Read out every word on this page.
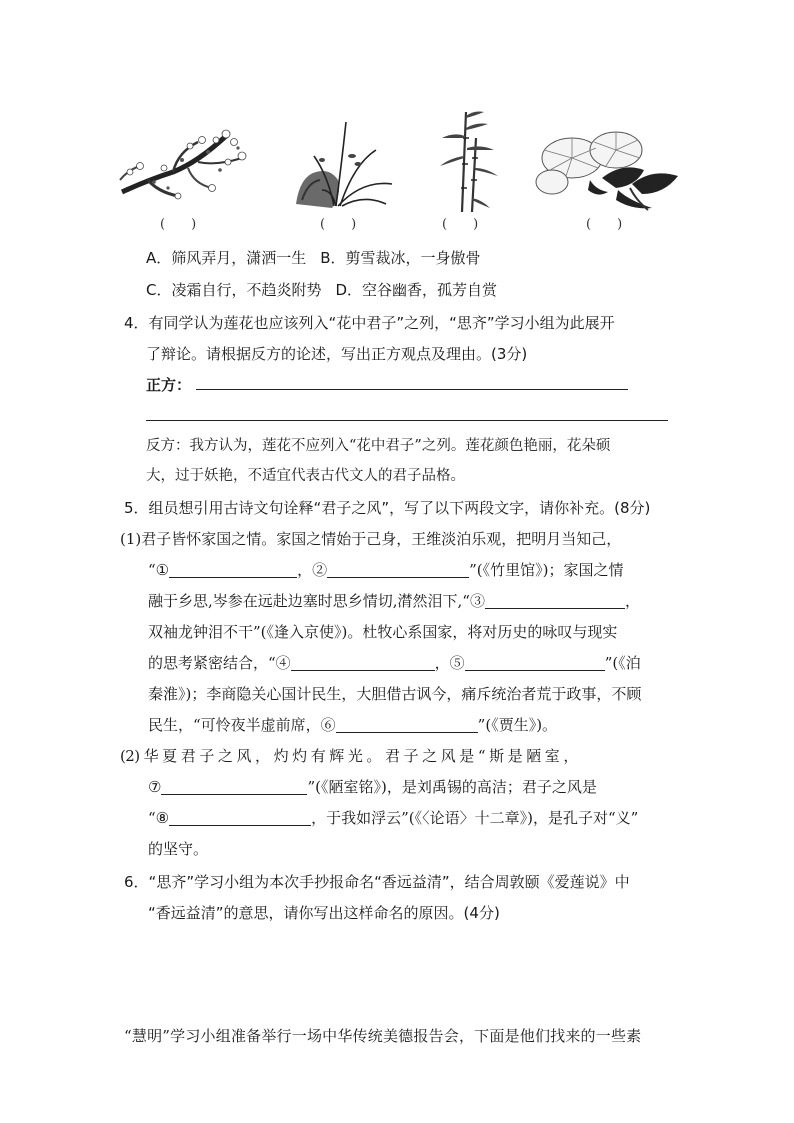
(　　)	(　　)	(　　)	(　　)
A．筛风弄月，潇洒一生 B．剪雪裁冰，一身傲骨
C．凌霜自行，不趋炎附势 D．空谷幽香，孤芳自赏
4．有同学认为莲花也应该列入“花中君子”之列，“思齐”学习小组为此展开
了辩论。请根据反方的论述，写出正方观点及理由。(3分)
正方：
反方：我方认为，莲花不应列入“花中君子”之列。莲花颜色艳丽，花朵硕
大，过于妖艳，不适宜代表古代文人的君子品格。
5．组员想引用古诗文句诠释“君子之风”，写了以下两段文字，请你补充。(8分)
(1)君子皆怀家国之情。家国之情始于己身，王维淡泊乐观，把明月当知己，
“①	，②	”(《竹里馆》)；家国之情
融于乡思,岑参在远赴边塞时思乡情切,潸然泪下,“③	，
双袖龙钟泪不干”(《逢入京使》)。杜牧心系国家，将对历史的咏叹与现实
的思考紧密结合，“④	，⑤	”(《泊
秦淮》)；李商隐关心国计民生，大胆借古讽今，痛斥统治者荒于政事，不顾
民生，“可怜夜半虚前席，⑥	”(《贾生》)。
(2) 华 夏 君 子 之 风 ， 灼 灼 有 辉 光 。 君 子 之 风 是 “ 斯 是 陋 室 ，
⑦	”(《陋室铭》)，是刘禹锡的高洁；君子之风是
“⑧	，于我如浮云”(《〈论语〉十二章》)，是孔子对“义”
的坚守。
6．“思齐”学习小组为本次手抄报命名“香远益清”，结合周敦颐《爱莲说》中
“香远益清”的意思，请你写出这样命名的原因。(4分)
“慧明”学习小组准备举行一场中华传统美德报告会，下面是他们找来的一些素
